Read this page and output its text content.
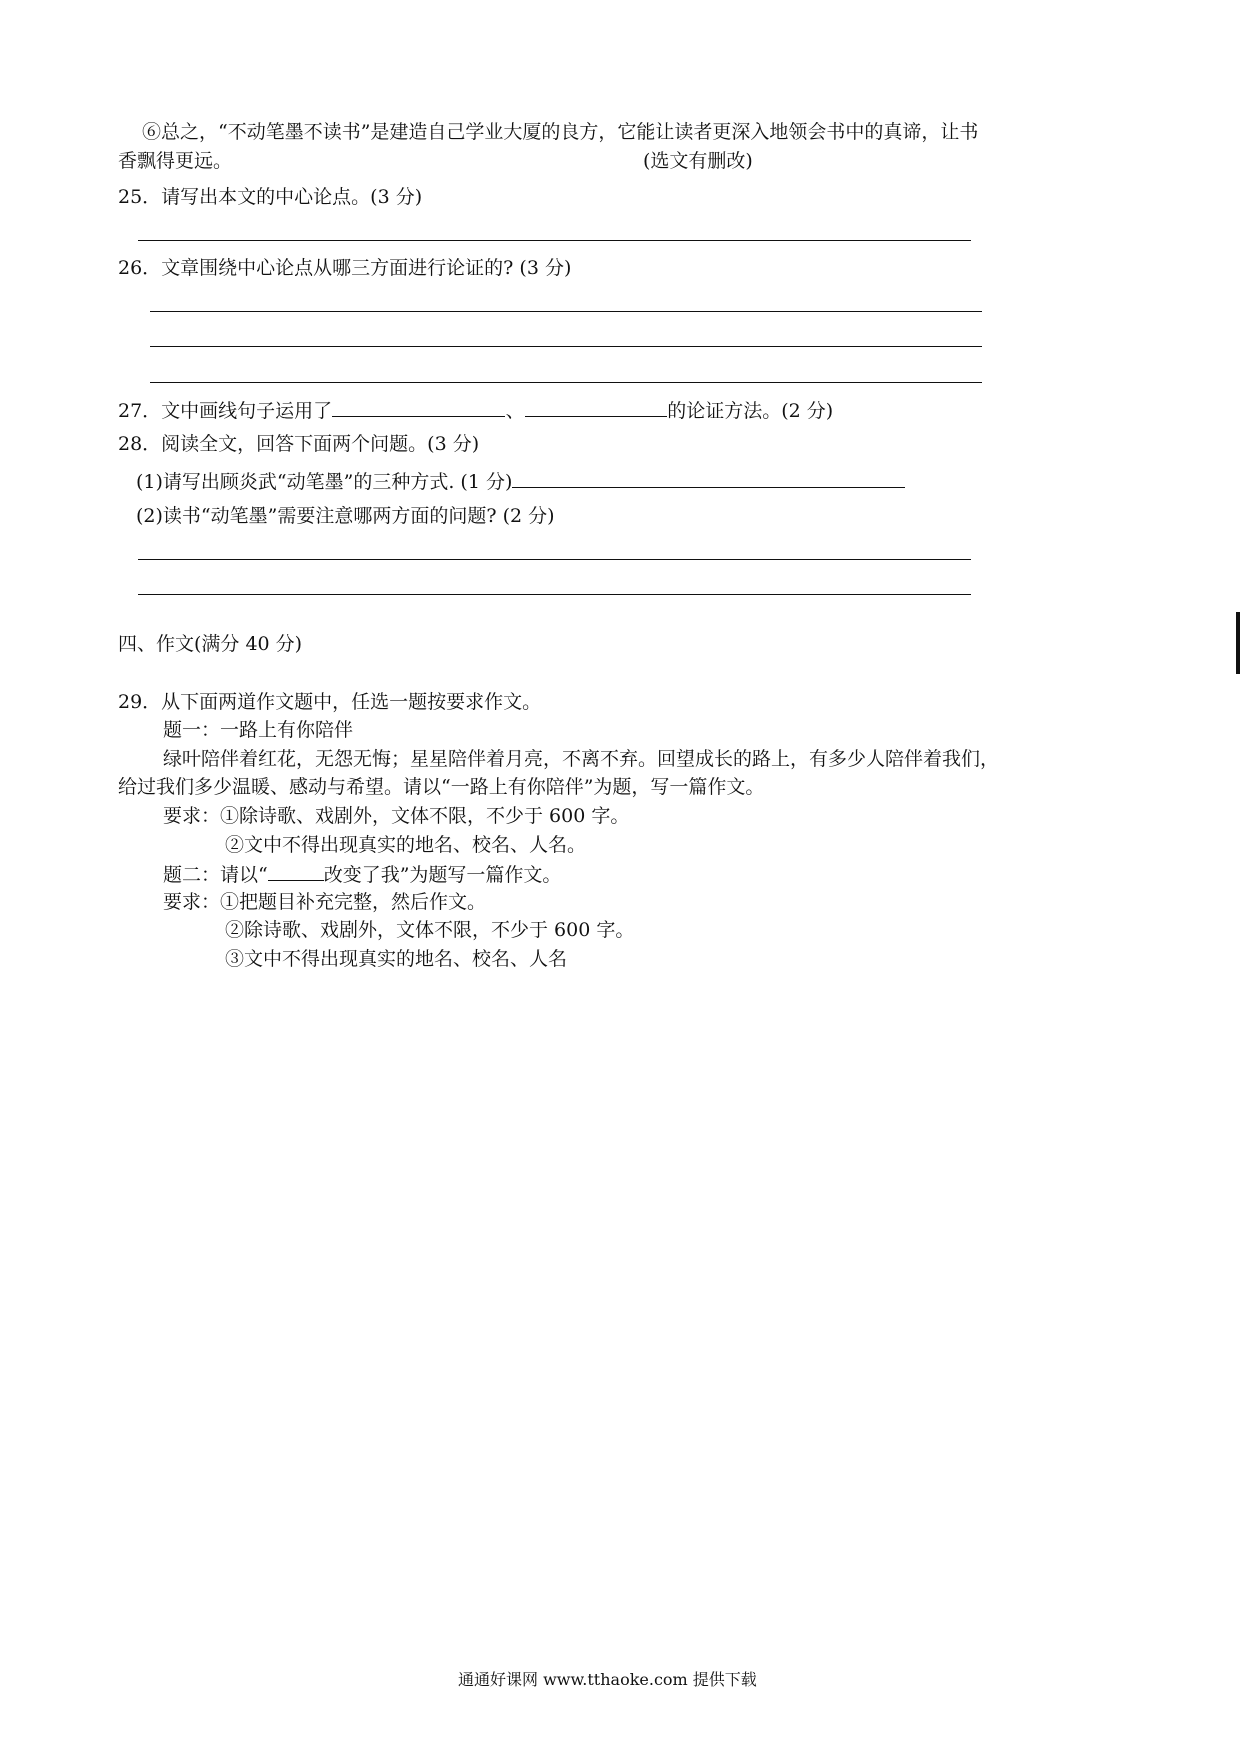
⑥总之，“不动笔墨不读书”是建造自己学业大厦的良方，它能让读者更深入地领会书中的真谛，让书
香飘得更远。	(选文有删改)
25．请写出本文的中心论点。(3 分)
26．文章围绕中心论点从哪三方面进行论证的? (3 分)
27．文中画线句子运用了	、	的论证方法。(2 分)
28．阅读全文，回答下面两个问题。(3 分)
(1)请写出顾炎武“动笔墨”的三种方式. (1 分)
(2)读书“动笔墨”需要注意哪两方面的问题? (2 分)
四、作文(满分 40 分)
29．从下面两道作文题中，任选一题按要求作文。
题一：一路上有你陪伴
绿叶陪伴着红花，无怨无悔；星星陪伴着月亮，不离不弃。回望成长的路上，有多少人陪伴着我们，
给过我们多少温暖、感动与希望。请以“一路上有你陪伴”为题，写一篇作文。
要求：①除诗歌、戏剧外，文体不限，不少于 600 字。
②文中不得出现真实的地名、校名、人名。
题二：请以“	改变了我”为题写一篇作文。
要求：①把题目补充完整，然后作文。
②除诗歌、戏剧外，文体不限，不少于 600 字。
③文中不得出现真实的地名、校名、人名
通通好课网 www.tthaoke.com 提供下载
